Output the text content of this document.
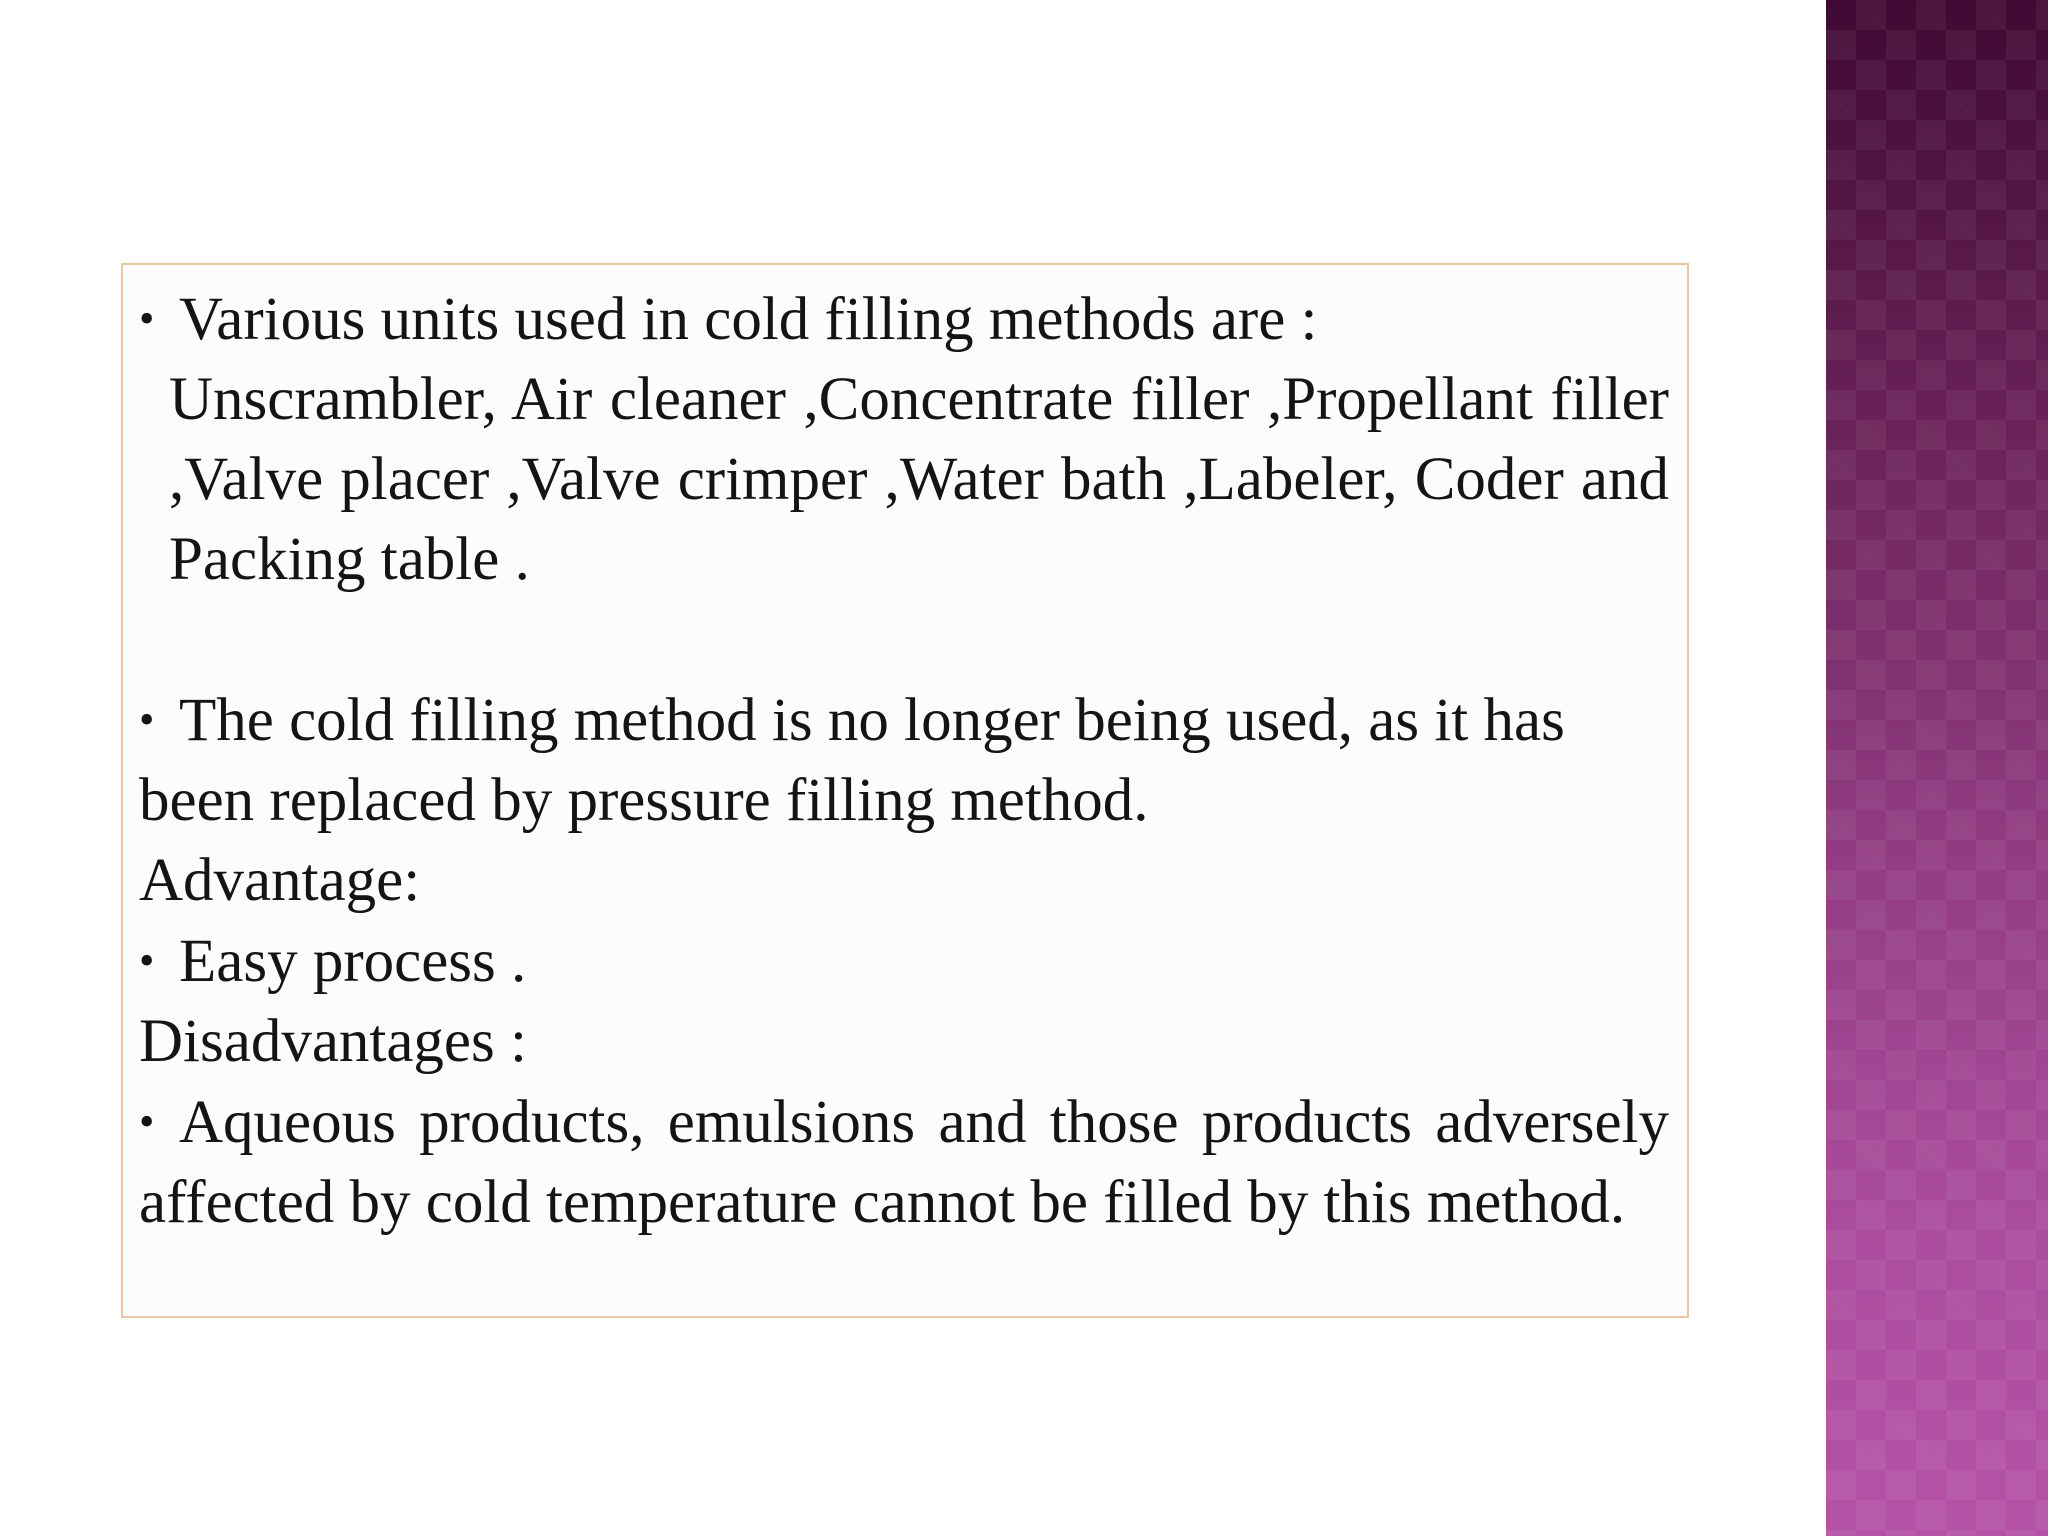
• Various units used in cold filling methods are :

Unscrambler, Air cleaner ,Concentrate filler ,Propellant filler ,Valve placer ,Valve crimper ,Water bath ,Labeler, Coder and Packing table .

• The cold filling method is no longer being used, as it has been replaced by pressure filling method.

Advantage:

• Easy process .

Disadvantages :

• Aqueous products, emulsions and those products adversely affected by cold temperature cannot be filled by this method.
